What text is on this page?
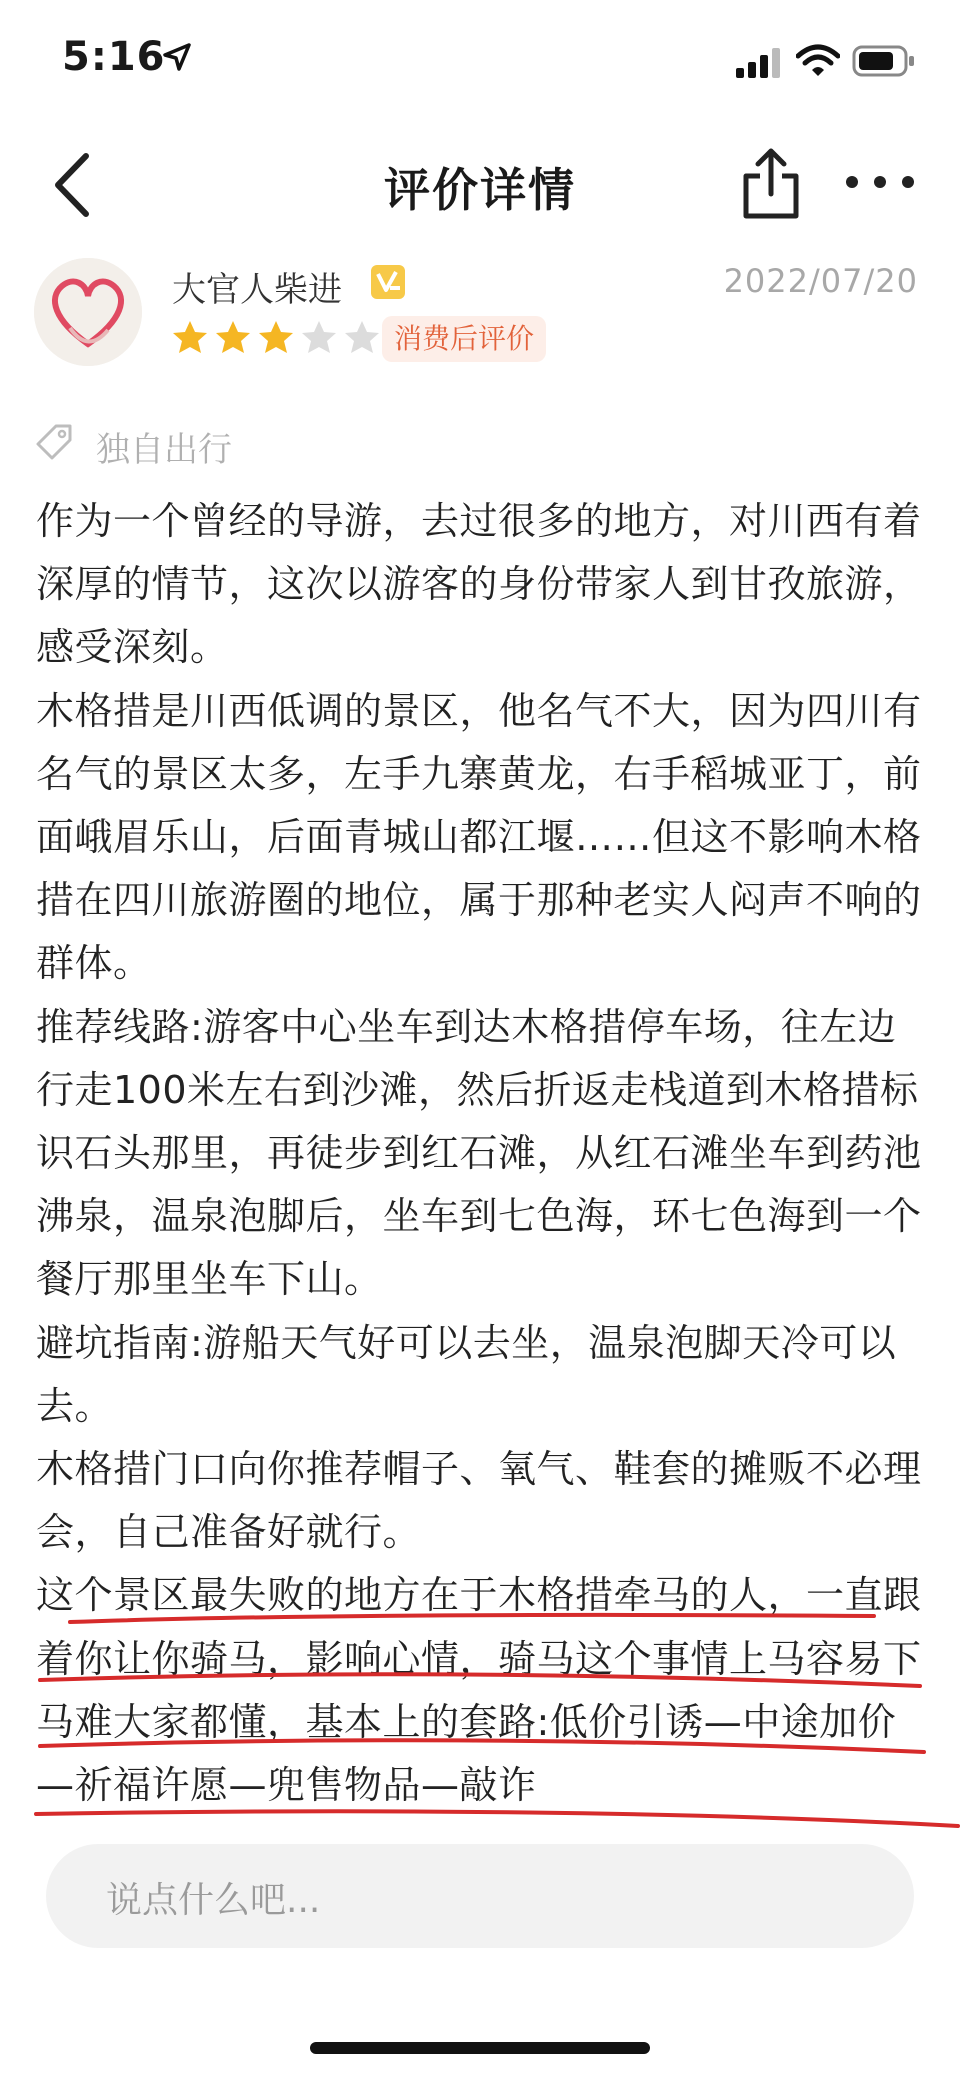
5:16
评价详情
大官人柴进	2022/07/20
消费后评价
独自出行

作为一个曾经的导游，去过很多的地方，对川西有着深厚的情节，这次以游客的身份带家人到甘孜旅游，感受深刻。

木格措是川西低调的景区，他名气不大，因为四川有名气的景区太多，左手九寨黄龙，右手稻城亚丁，前面峨眉乐山，后面青城山都江堰……但这不影响木格措在四川旅游圈的地位，属于那种老实人闷声不响的群体。

推荐线路:游客中心坐车到达木格措停车场，往左边行走100米左右到沙滩，然后折返走栈道到木格措标识石头那里，再徒步到红石滩，从红石滩坐车到药池沸泉，温泉泡脚后，坐车到七色海，环七色海到一个餐厅那里坐车下山。

避坑指南:游船天气好可以去坐，温泉泡脚天冷可以去。

木格措门口向你推荐帽子、氧气、鞋套的摊贩不必理会，自己准备好就行。

这个景区最失败的地方在于木格措牵马的人，一直跟着你让你骑马，影响心情，骑马这个事情上马容易下马难大家都懂，基本上的套路:低价引诱—中途加价—祈福许愿—兜售物品—敲诈

说点什么吧...
